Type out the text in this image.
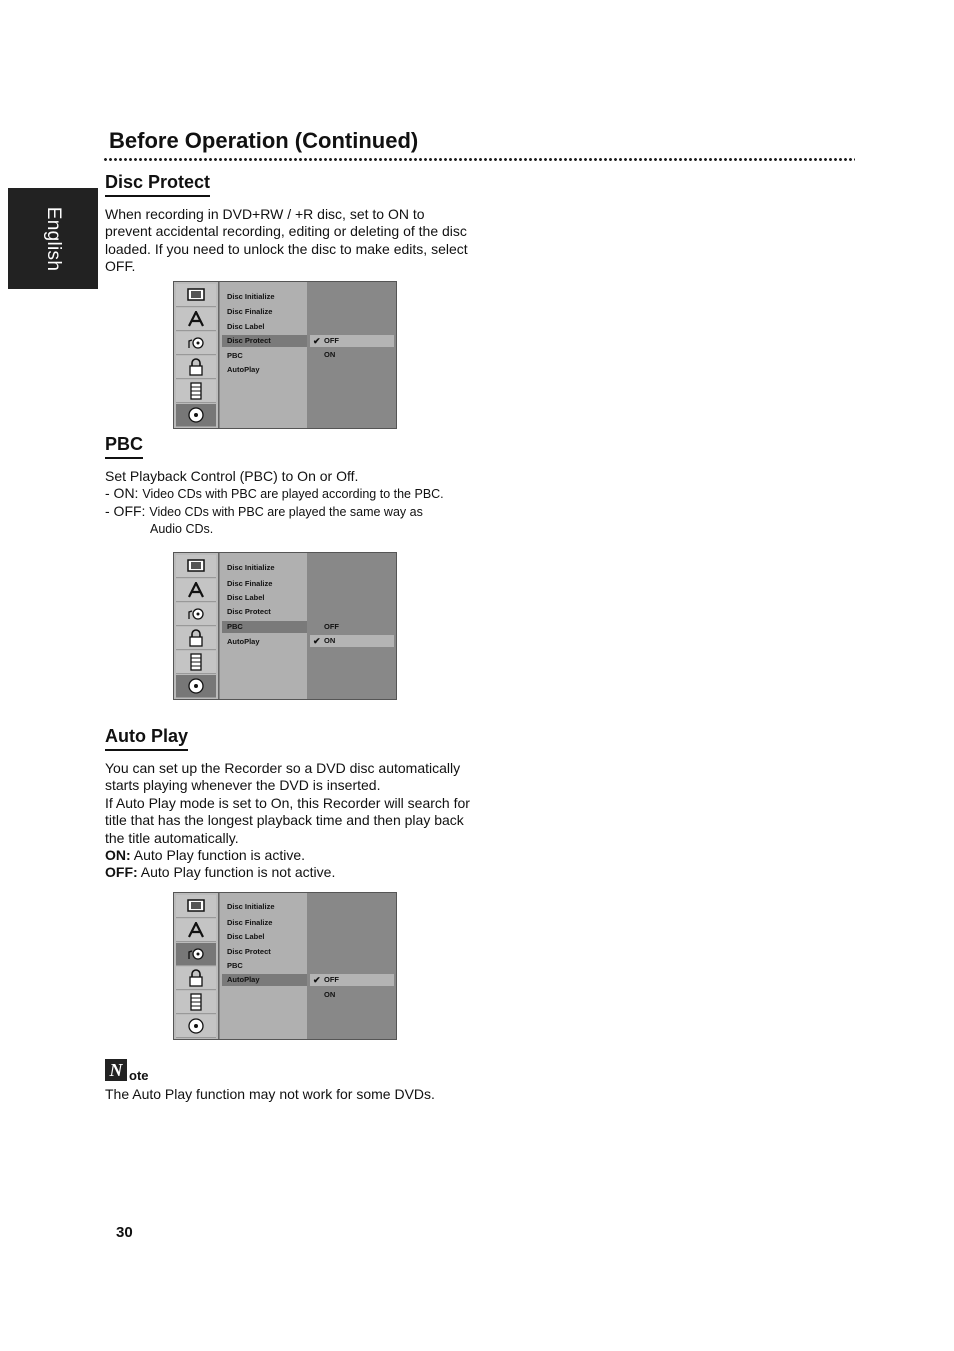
English
Before Operation (Continued)
Disc Protect

When recording in DVD+RW / +R disc, set to ON to prevent accidental recording, editing or deleting of the disc loaded. If you need to unlock the disc to make edits, select OFF.

Disc Initialize
Disc Finalize
Disc Label
Disc Protect
PBC
AutoPlay
✔ OFF
ON
PBC

Set Playback Control (PBC) to On or Off.

- ON: Video CDs with PBC are played according to the PBC.

- OFF: Video CDs with PBC are played the same way as

Audio CDs.

Disc Initialize
Disc Finalize
Disc Label
Disc Protect
PBC
AutoPlay
OFF
✔ ON
Auto Play

You can set up the Recorder so a DVD disc automatically starts playing whenever the DVD is inserted.

If Auto Play mode is set to On, this Recorder will search for title that has the longest playback time and then play back the title automatically.

ON: Auto Play function is active.

OFF: Auto Play function is not active.

Disc Initialize
Disc Finalize
Disc Label
Disc Protect
PBC
AutoPlay	✔ OFF
ON
N ote

The Auto Play function may not work for some DVDs.

30
